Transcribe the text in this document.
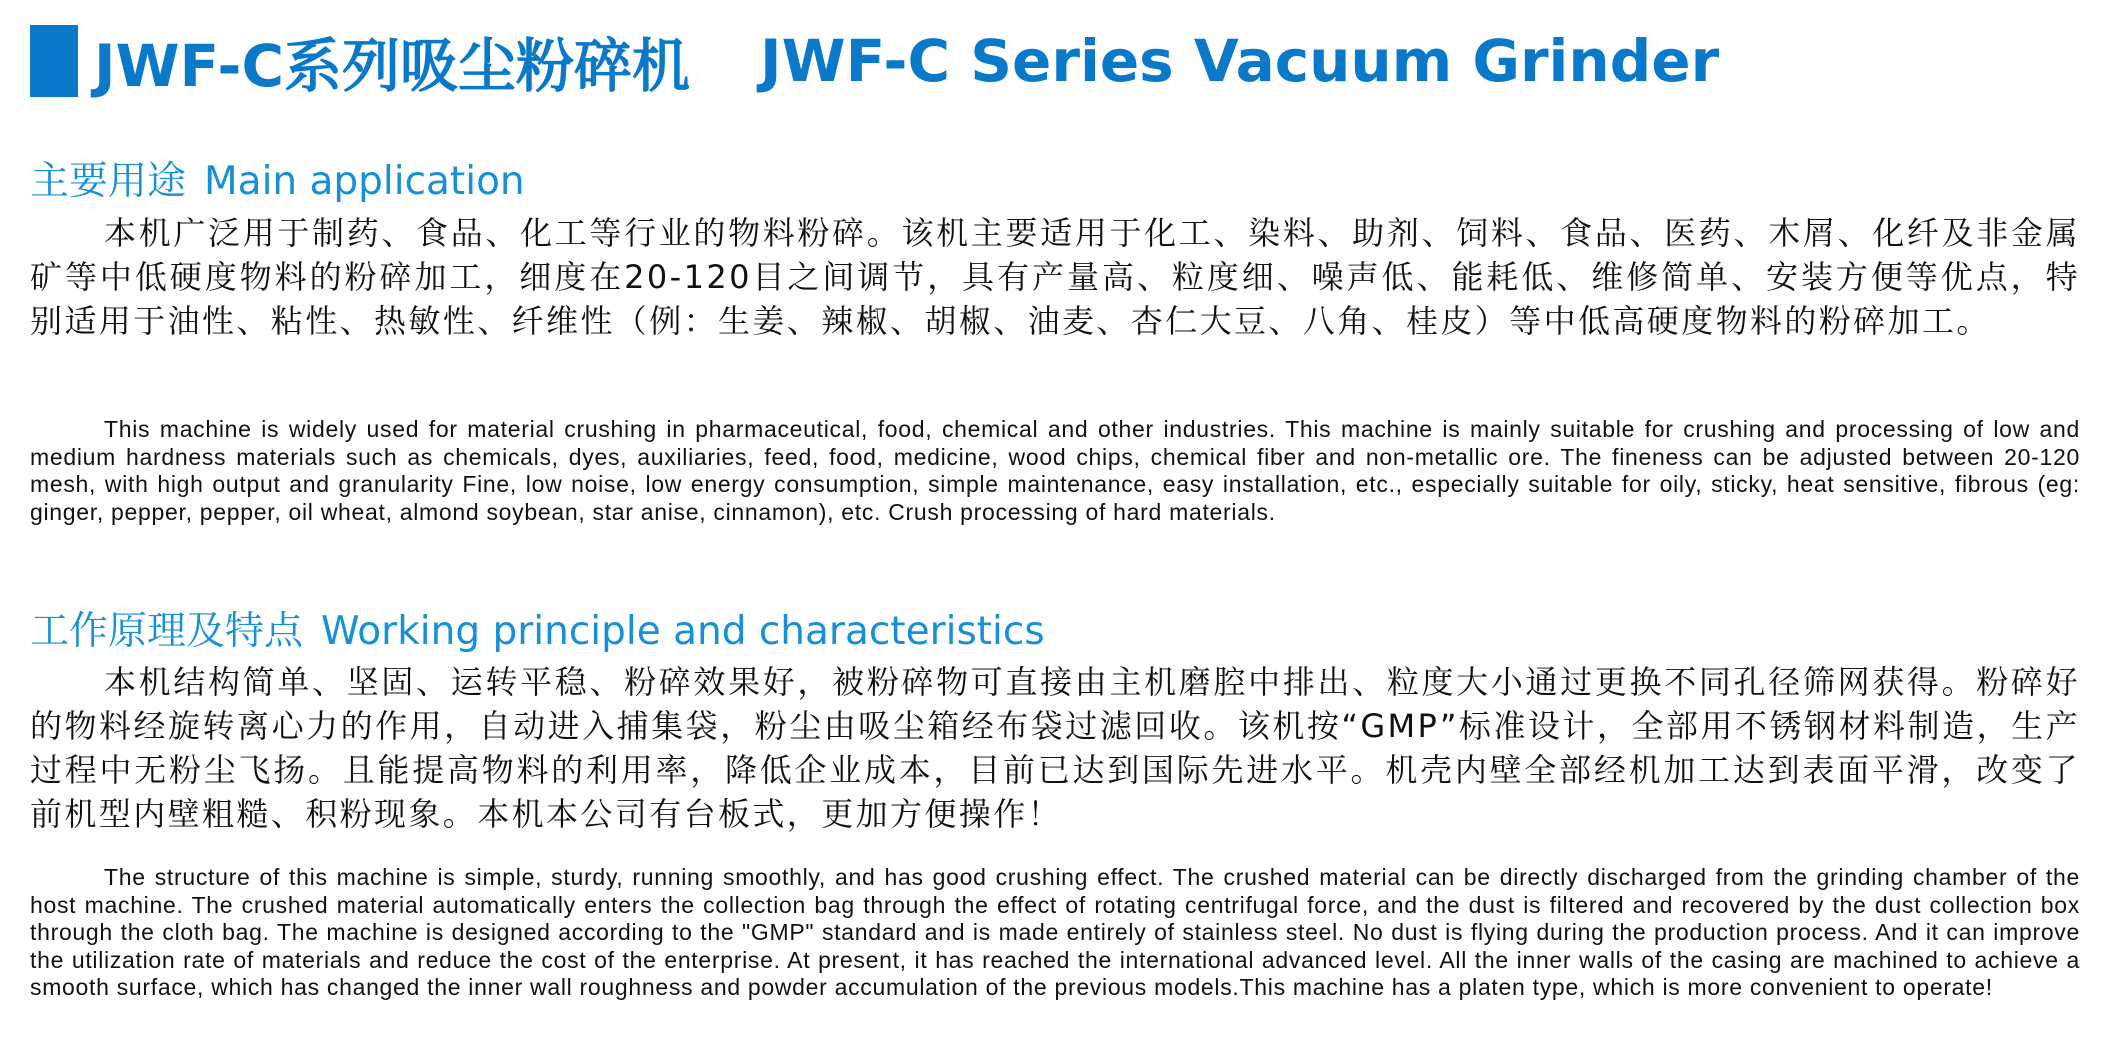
JWF-C系列吸尘粉碎机 JWF-C Series Vacuum Grinder
主要用途 Main application

本机广泛用于制药、食品、化工等行业的物料粉碎。该机主要适用于化工、染料、助剂、饲料、食品、医药、木屑、化纤及非金属矿等中低硬度物料的粉碎加工，细度在20-120目之间调节，具有产量高、粒度细、噪声低、能耗低、维修简单、安装方便等优点，特别适用于油性、粘性、热敏性、纤维性（例：生姜、辣椒、胡椒、油麦、杏仁大豆、八角、桂皮）等中低高硬度物料的粉碎加工。

This machine is widely used for material crushing in pharmaceutical, food, chemical and other industries. This machine is mainly suitable for crushing and processing of low and medium hardness materials such as chemicals, dyes, auxiliaries, feed, food, medicine, wood chips, chemical fiber and non-metallic ore. The fineness can be adjusted between 20-120 mesh, with high output and granularity Fine, low noise, low energy consumption, simple maintenance, easy installation, etc., especially suitable for oily, sticky, heat sensitive, fibrous (eg: ginger, pepper, pepper, oil wheat, almond soybean, star anise, cinnamon), etc. Crush processing of hard materials.

工作原理及特点 Working principle and characteristics

本机结构简单、坚固、运转平稳、粉碎效果好，被粉碎物可直接由主机磨腔中排出、粒度大小通过更换不同孔径筛网获得。粉碎好的物料经旋转离心力的作用，自动进入捕集袋，粉尘由吸尘箱经布袋过滤回收。该机按“GMP”标准设计，全部用不锈钢材料制造，生产过程中无粉尘飞扬。且能提高物料的利用率，降低企业成本，目前已达到国际先进水平。机壳内壁全部经机加工达到表面平滑，改变了前机型内壁粗糙、积粉现象。本机本公司有台板式，更加方便操作！

The structure of this machine is simple, sturdy, running smoothly, and has good crushing effect. The crushed material can be directly discharged from the grinding chamber of the host machine. The crushed material automatically enters the collection bag through the effect of rotating centrifugal force, and the dust is filtered and recovered by the dust collection box through the cloth bag. The machine is designed according to the "GMP" standard and is made entirely of stainless steel. No dust is flying during the production process. And it can improve the utilization rate of materials and reduce the cost of the enterprise. At present, it has reached the international advanced level. All the inner walls of the casing are machined to achieve a smooth surface, which has changed the inner wall roughness and powder accumulation of the previous models.This machine has a platen type, which is more convenient to operate!
